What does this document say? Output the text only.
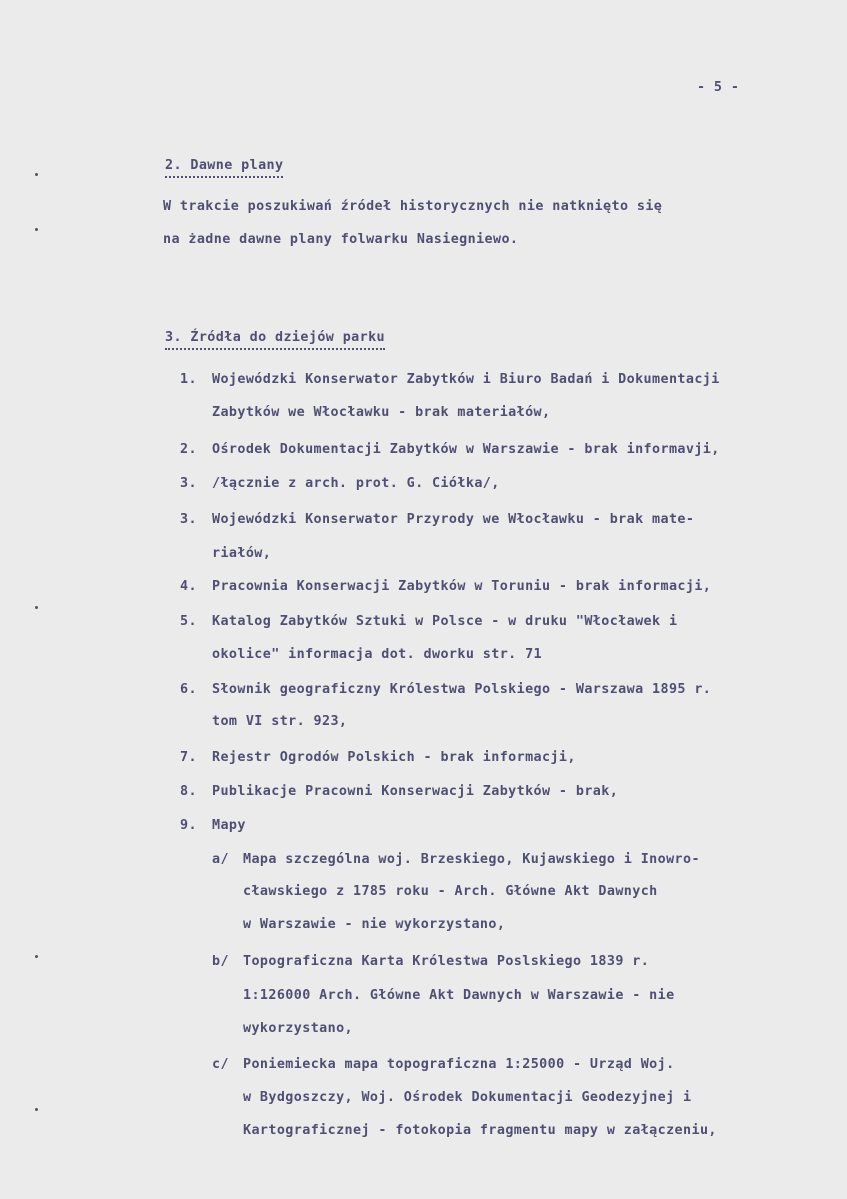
- 5 -
2. Dawne plany
W trakcie poszukiwań źródeł historycznych nie natknięto się
na żadne dawne plany folwarku Nasiegniewo.
3. Źródła do dziejów parku
1. Wojewódzki Konserwator Zabytków i Biuro Badań i Dokumentacji
Zabytków we Włocławku - brak materiałów,
2. Ośrodek Dokumentacji Zabytków w Warszawie - brak informavji,
3. /łącznie z arch. prot. G. Ciółka/,
3. Wojewódzki Konserwator Przyrody we Włocławku - brak mate-
riałów,
4. Pracownia Konserwacji Zabytków w Toruniu - brak informacji,
5. Katalog Zabytków Sztuki w Polsce - w druku "Włocławek i
okolice" informacja dot. dworku str. 71
6. Słownik geograficzny Królestwa Polskiego - Warszawa 1895 r.
tom VI str. 923,
7. Rejestr Ogrodów Polskich - brak informacji,
8. Publikacje Pracowni Konserwacji Zabytków - brak,
9. Mapy
a/ Mapa szczególna woj. Brzeskiego, Kujawskiego i Inowro-
cławskiego z 1785 roku - Arch. Główne Akt Dawnych
w Warszawie - nie wykorzystano,
b/ Topograficzna Karta Królestwa Poslskiego 1839 r.
1:126000 Arch. Główne Akt Dawnych w Warszawie - nie
wykorzystano,
c/ Poniemiecka mapa topograficzna 1:25000 - Urząd Woj.
w Bydgoszczy, Woj. Ośrodek Dokumentacji Geodezyjnej i
Kartograficznej - fotokopia fragmentu mapy w załączeniu,
